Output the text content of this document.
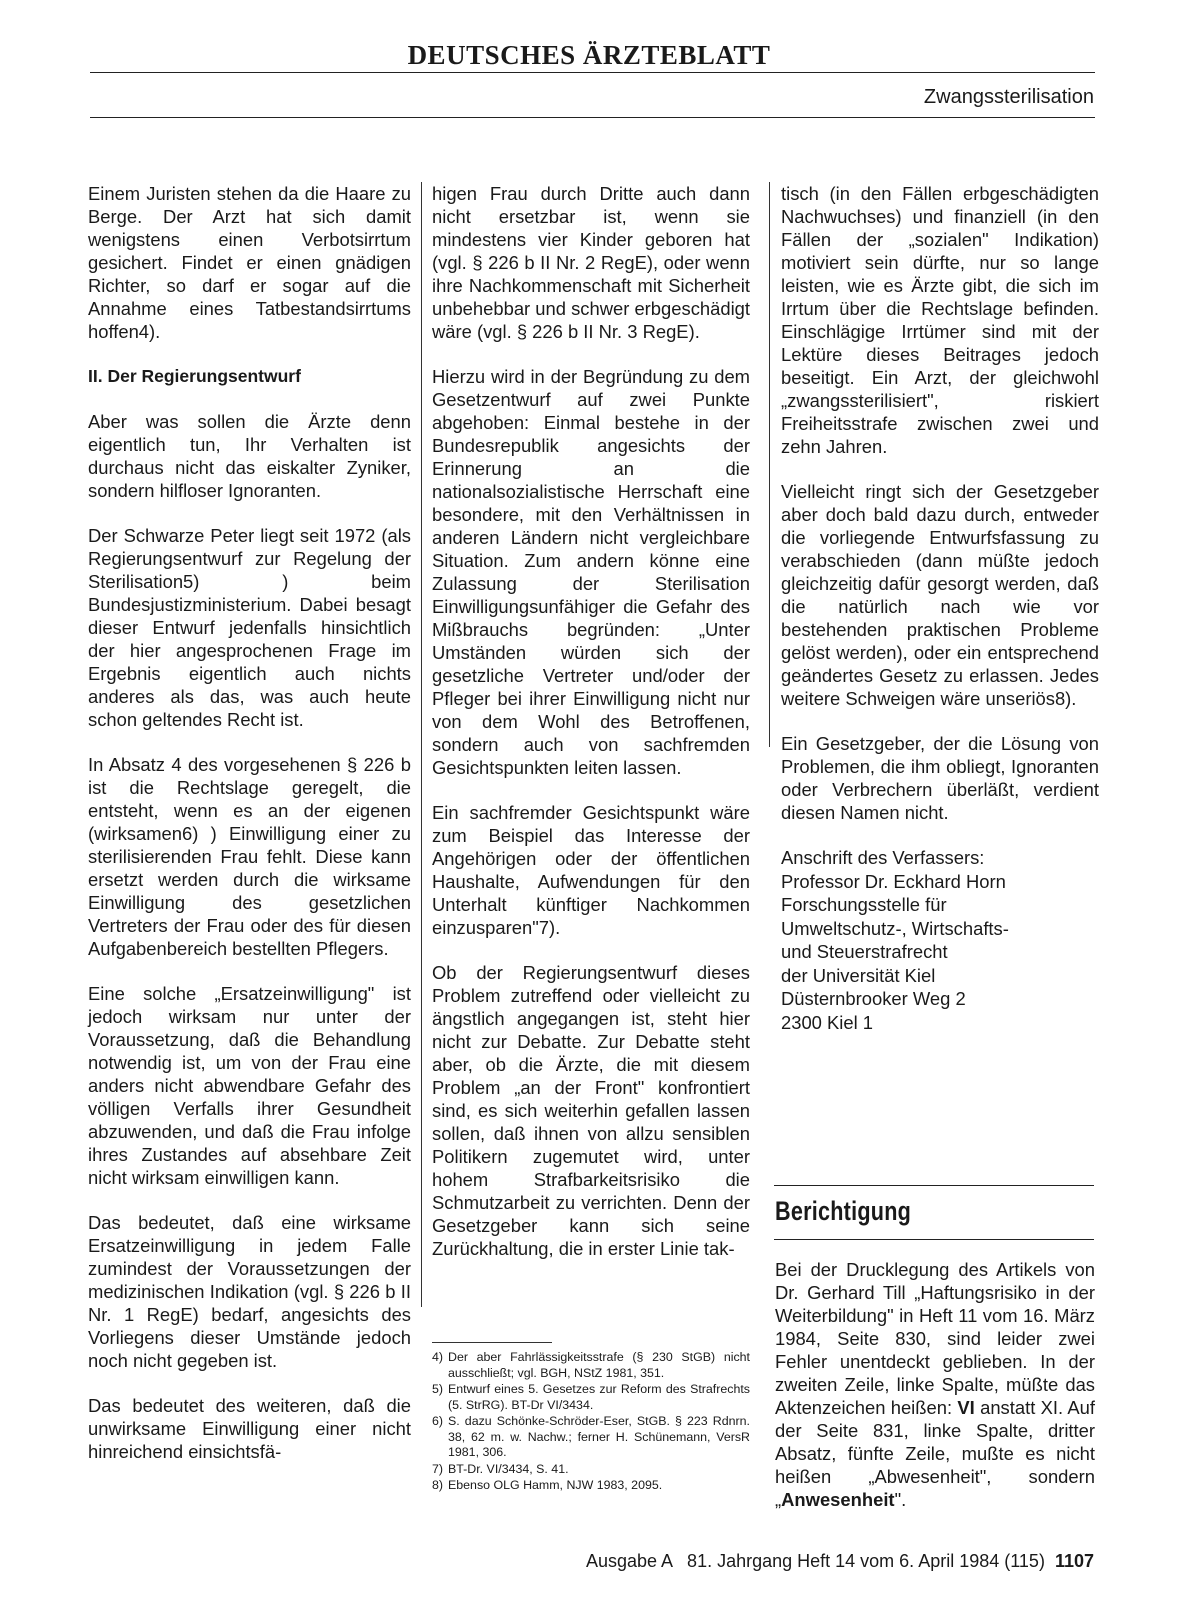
DEUTSCHES ÄRZTEBLATT
Zwangssterilisation

Einem Juristen stehen da die Haare zu Berge. Der Arzt hat sich damit wenigstens einen Verbotsirrtum gesichert. Findet er einen gnädigen Richter, so darf er sogar auf die Annahme eines Tatbestandsirrtums hoffen4).

II. Der Regierungsentwurf

Aber was sollen die Ärzte denn eigentlich tun, Ihr Verhalten ist durchaus nicht das eiskalter Zyniker, sondern hilfloser Ignoranten.

Der Schwarze Peter liegt seit 1972 (als Regierungsentwurf zur Regelung der Sterilisation5) ) beim Bundesjustizministerium. Dabei besagt dieser Entwurf jedenfalls hinsichtlich der hier angesprochenen Frage im Ergebnis eigentlich auch nichts anderes als das, was auch heute schon geltendes Recht ist.

In Absatz 4 des vorgesehenen § 226 b ist die Rechtslage geregelt, die entsteht, wenn es an der eigenen (wirksamen6) ) Einwilligung einer zu sterilisierenden Frau fehlt. Diese kann ersetzt werden durch die wirksame Einwilligung des gesetzlichen Vertreters der Frau oder des für diesen Aufgabenbereich bestellten Pflegers.

Eine solche „Ersatzeinwilligung" ist jedoch wirksam nur unter der Voraussetzung, daß die Behandlung notwendig ist, um von der Frau eine anders nicht abwendbare Gefahr des völligen Verfalls ihrer Gesundheit abzuwenden, und daß die Frau infolge ihres Zustandes auf absehbare Zeit nicht wirksam einwilligen kann.

Das bedeutet, daß eine wirksame Ersatzeinwilligung in jedem Falle zumindest der Voraussetzungen der medizinischen Indikation (vgl. § 226 b II Nr. 1 RegE) bedarf, angesichts des Vorliegens dieser Umstände jedoch noch nicht gegeben ist.

Das bedeutet des weiteren, daß die unwirksame Einwilligung einer nicht hinreichend einsichtsfä-

higen Frau durch Dritte auch dann nicht ersetzbar ist, wenn sie mindestens vier Kinder geboren hat (vgl. § 226 b II Nr. 2 RegE), oder wenn ihre Nachkommenschaft mit Sicherheit unbehebbar und schwer erbgeschädigt wäre (vgl. § 226 b II Nr. 3 RegE).

Hierzu wird in der Begründung zu dem Gesetzentwurf auf zwei Punkte abgehoben: Einmal bestehe in der Bundesrepublik angesichts der Erinnerung an die nationalsozialistische Herrschaft eine besondere, mit den Verhältnissen in anderen Ländern nicht vergleichbare Situation. Zum andern könne eine Zulassung der Sterilisation Einwilligungsunfähiger die Gefahr des Mißbrauchs begründen: „Unter Umständen würden sich der gesetzliche Vertreter und/oder der Pfleger bei ihrer Einwilligung nicht nur von dem Wohl des Betroffenen, sondern auch von sachfremden Gesichtspunkten leiten lassen.

Ein sachfremder Gesichtspunkt wäre zum Beispiel das Interesse der Angehörigen oder der öffentlichen Haushalte, Aufwendungen für den Unterhalt künftiger Nachkommen einzusparen"7).

Ob der Regierungsentwurf dieses Problem zutreffend oder vielleicht zu ängstlich angegangen ist, steht hier nicht zur Debatte. Zur Debatte steht aber, ob die Ärzte, die mit diesem Problem „an der Front" konfrontiert sind, es sich weiterhin gefallen lassen sollen, daß ihnen von allzu sensiblen Politikern zugemutet wird, unter hohem Strafbarkeitsrisiko die Schmutzarbeit zu verrichten. Denn der Gesetzgeber kann sich seine Zurückhaltung, die in erster Linie tak-

tisch (in den Fällen erbgeschädigten Nachwuchses) und finanziell (in den Fällen der „sozialen" Indikation) motiviert sein dürfte, nur so lange leisten, wie es Ärzte gibt, die sich im Irrtum über die Rechtslage befinden. Einschlägige Irrtümer sind mit der Lektüre dieses Beitrages jedoch beseitigt. Ein Arzt, der gleichwohl „zwangssterilisiert", riskiert Freiheitsstrafe zwischen zwei und zehn Jahren.

Vielleicht ringt sich der Gesetzgeber aber doch bald dazu durch, entweder die vorliegende Entwurfsfassung zu verabschieden (dann müßte jedoch gleichzeitig dafür gesorgt werden, daß die natürlich nach wie vor bestehenden praktischen Probleme gelöst werden), oder ein entsprechend geändertes Gesetz zu erlassen. Jedes weitere Schweigen wäre unseriös8).

Ein Gesetzgeber, der die Lösung von Problemen, die ihm obliegt, Ignoranten oder Verbrechern überläßt, verdient diesen Namen nicht.

Anschrift des Verfassers:
Professor Dr. Eckhard Horn
Forschungsstelle für
Umweltschutz-, Wirtschafts-
und Steuerstrafrecht
der Universität Kiel
Düsternbrooker Weg 2
2300 Kiel 1
Berichtigung
Bei der Drucklegung des Artikels von Dr. Gerhard Till „Haftungsrisiko in der Weiterbildung" in Heft 11 vom 16. März 1984, Seite 830, sind leider zwei Fehler unentdeckt geblieben. In der zweiten Zeile, linke Spalte, müßte das Aktenzeichen heißen: VI anstatt XI. Auf der Seite 831, linke Spalte, dritter Absatz, fünfte Zeile, mußte es nicht heißen „Abwesenheit", sondern „Anwesenheit".
4) Der aber Fahrlässigkeitsstrafe (§ 230 StGB) nicht ausschließt; vgl. BGH, NStZ 1981, 351.
5) Entwurf eines 5. Gesetzes zur Reform des Strafrechts (5. StrRG). BT-Dr VI/3434.
6) S. dazu Schönke-Schröder-Eser, StGB. § 223 Rdnrn. 38, 62 m. w. Nachw.; ferner H. Schünemann, VersR 1981, 306.
7) BT-Dr. VI/3434, S. 41.
8) Ebenso OLG Hamm, NJW 1983, 2095.
Ausgabe A   81. Jahrgang Heft 14 vom 6. April 1984 (115) 1107
